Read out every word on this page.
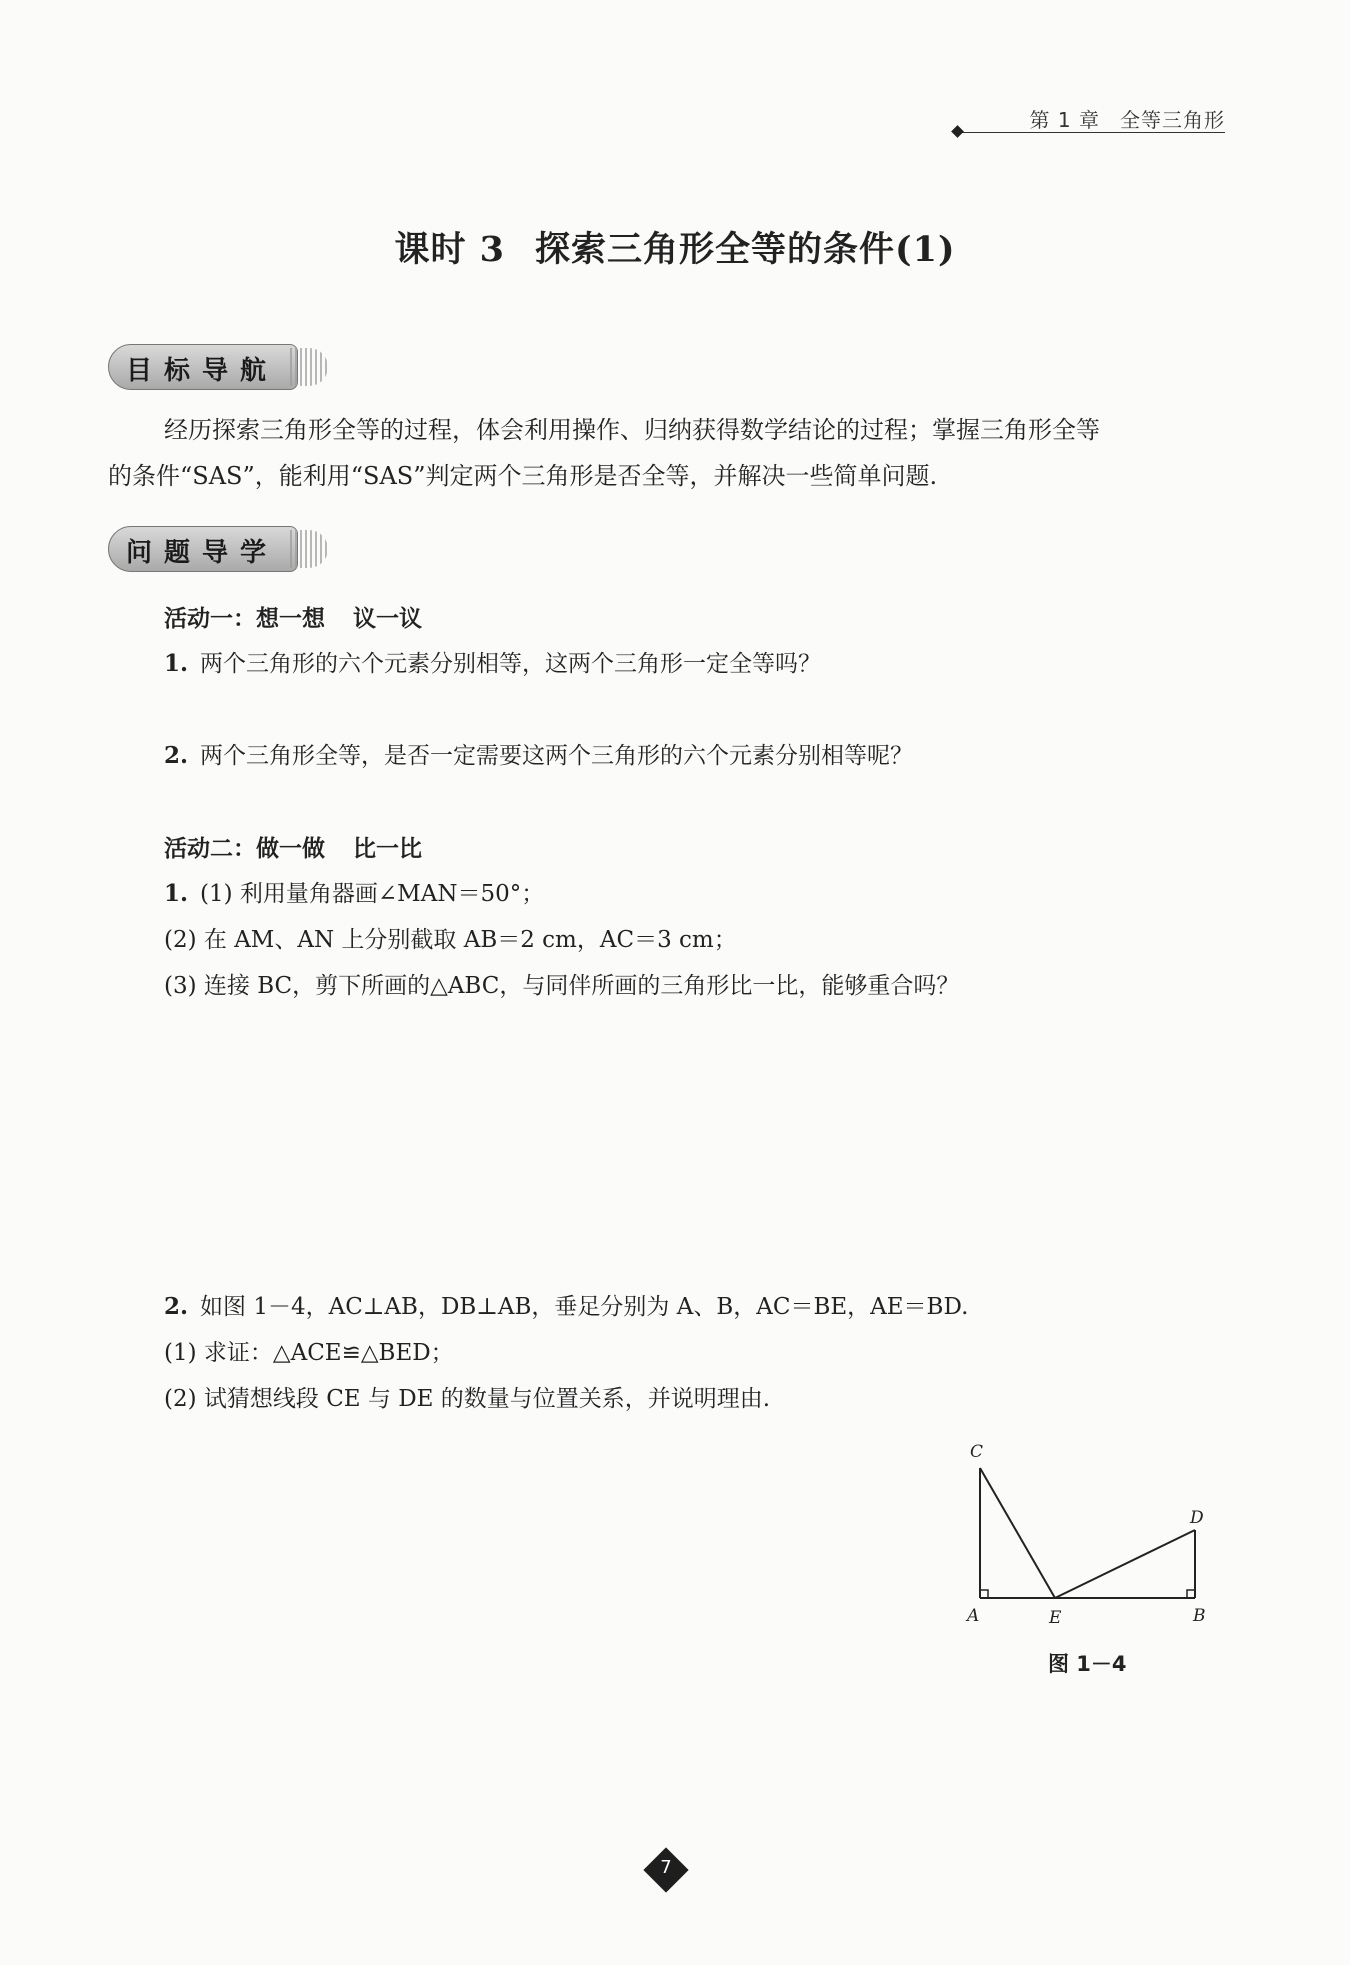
第 1 章 全等三角形
课时 3 探索三角形全等的条件(1)
目标导航
经历探索三角形全等的过程，体会利用操作、归纳获得数学结论的过程；掌握三角形全等
的条件“SAS”，能利用“SAS”判定两个三角形是否全等，并解决一些简单问题.
问题导学
活动一：想一想 议一议
1. 两个三角形的六个元素分别相等，这两个三角形一定全等吗？
2. 两个三角形全等，是否一定需要这两个三角形的六个元素分别相等呢？
活动二：做一做 比一比
1. (1) 利用量角器画∠MAN＝50°；
(2) 在 AM、AN 上分别截取 AB＝2 cm，AC＝3 cm；
(3) 连接 BC，剪下所画的△ABC，与同伴所画的三角形比一比，能够重合吗？
2. 如图 1－4，AC⊥AB，DB⊥AB，垂足分别为 A、B，AC＝BE，AE＝BD.
(1) 求证：△ACE≌△BED；
(2) 试猜想线段 CE 与 DE 的数量与位置关系，并说明理由.
C
D
A	E	B
图 1－4
7
